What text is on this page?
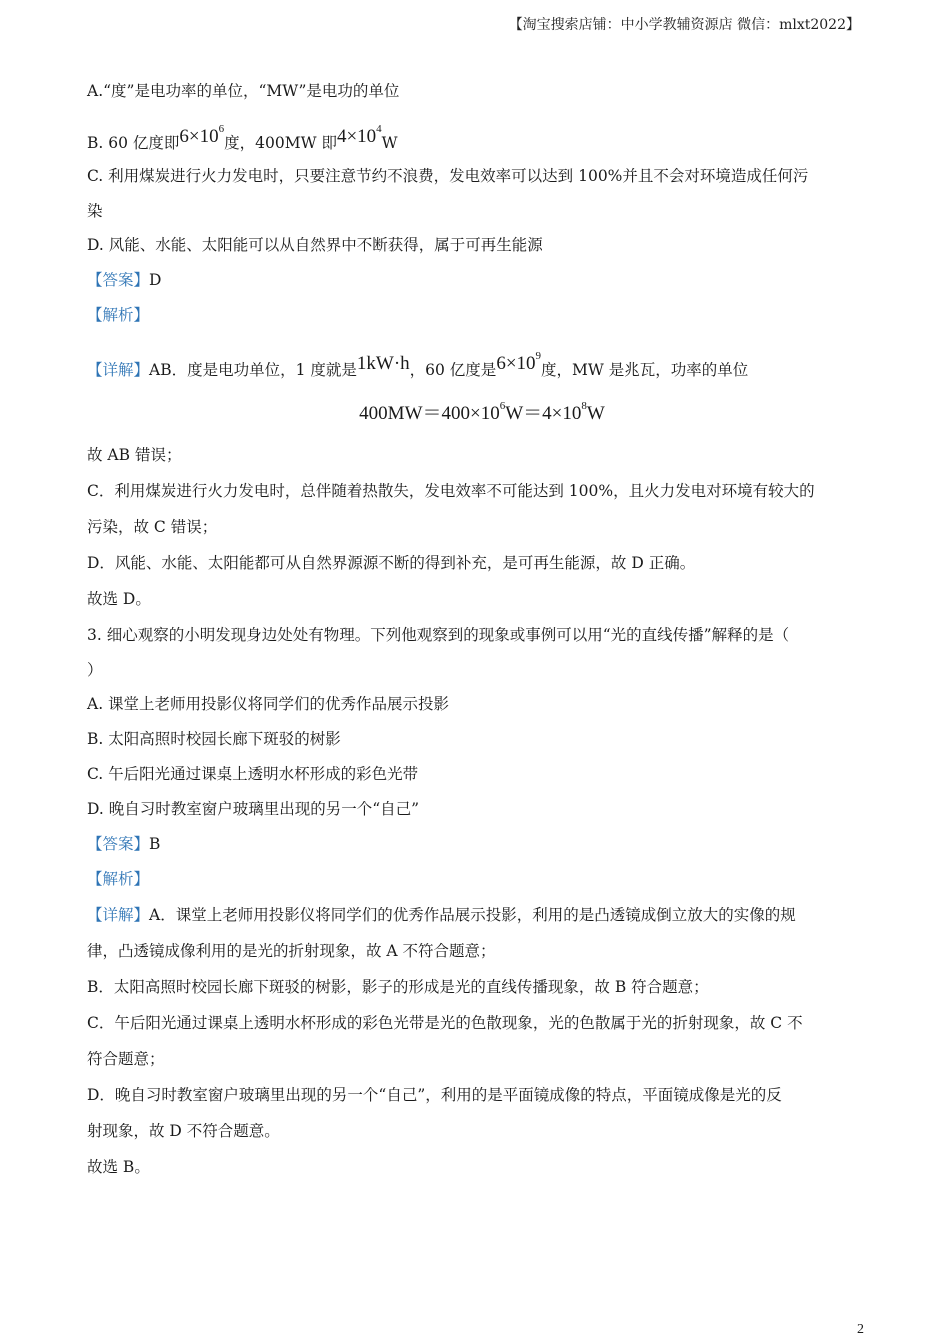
【淘宝搜索店铺：中小学教辅资源店 微信：mlxt2022】

A.“度”是电功率的单位，“MW”是电功的单位

B. 60 亿度即$6\times 10^6$度，400MW 即$4\times 10^4W$

C. 利用煤炭进行火力发电时，只要注意节约不浪费，发电效率可以达到 100%并且不会对环境造成任何污

染

D. 风能、水能、太阳能可以从自然界中不断获得，属于可再生能源

【答案】D

【解析】

【详解】AB．度是电功单位，1 度就是1kW·h，60 亿度是$6\times 10^9$度，MW 是兆瓦，功率的单位

$400MW=400\times 10^6W=4\times 10^8W$

故 AB 错误；

C．利用煤炭进行火力发电时，总伴随着热散失，发电效率不可能达到 100%，且火力发电对环境有较大的

污染，故 C 错误；

D．风能、水能、太阳能都可从自然界源源不断的得到补充，是可再生能源，故 D 正确。

故选 D。

3. 细心观察的小明发现身边处处有物理。下列他观察到的现象或事例可以用“光的直线传播”解释的是（

）

A. 课堂上老师用投影仪将同学们的优秀作品展示投影

B. 太阳高照时校园长廊下斑驳的树影

C. 午后阳光通过课桌上透明水杯形成的彩色光带

D. 晚自习时教室窗户玻璃里出现的另一个“自己”

【答案】B

【解析】

【详解】A．课堂上老师用投影仪将同学们的优秀作品展示投影，利用的是凸透镜成倒立放大的实像的规

律，凸透镜成像利用的是光的折射现象，故 A 不符合题意；

B．太阳高照时校园长廊下斑驳的树影，影子的形成是光的直线传播现象，故 B 符合题意；

C．午后阳光通过课桌上透明水杯形成的彩色光带是光的色散现象，光的色散属于光的折射现象，故 C 不

符合题意；

D．晚自习时教室窗户玻璃里出现的另一个“自己”，利用的是平面镜成像的特点，平面镜成像是光的反

射现象，故 D 不符合题意。

故选 B。

2
